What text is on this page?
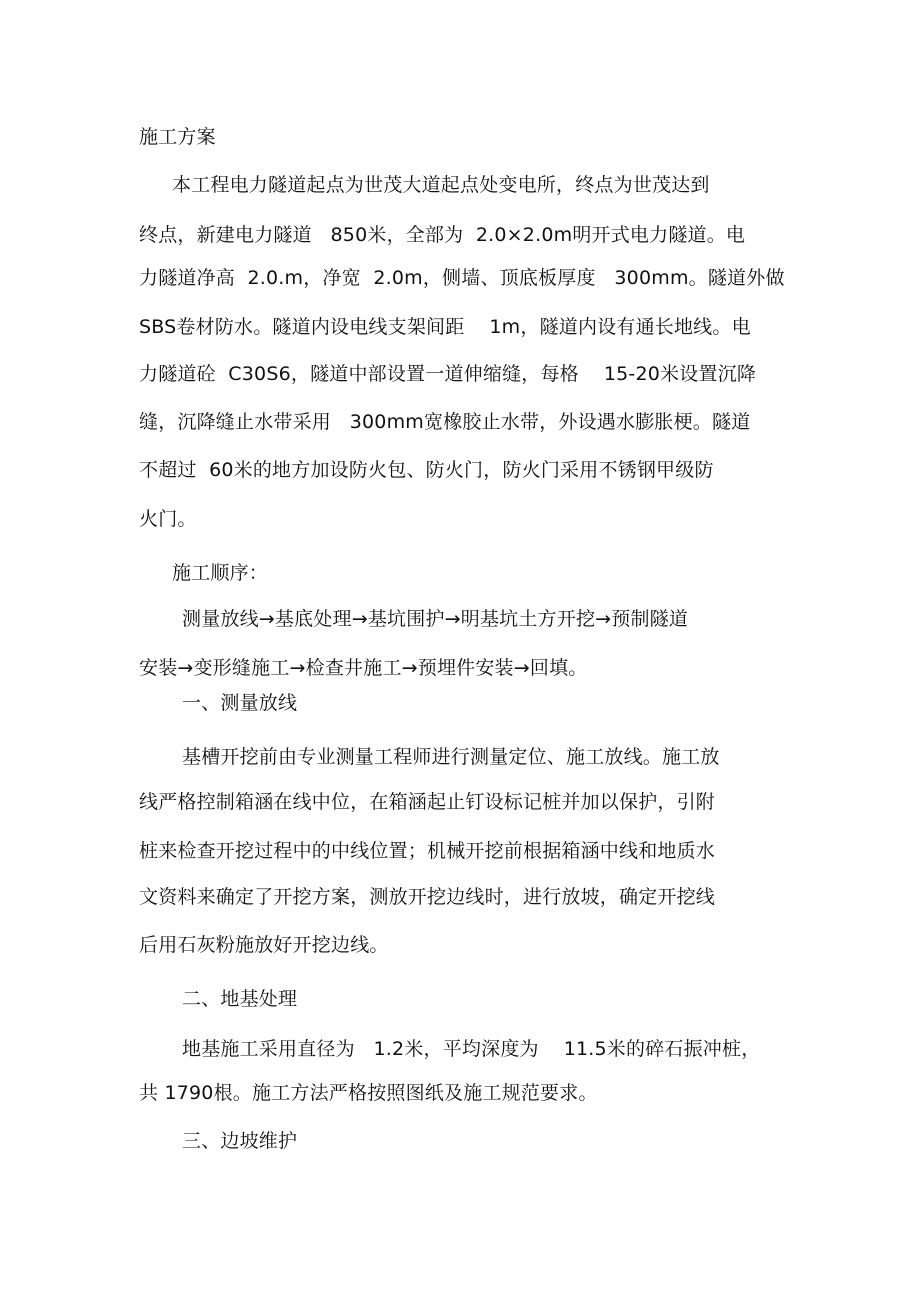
施工方案
本工程电力隧道起点为世茂大道起点处变电所，终点为世茂达到
终点，新建电力隧道   850米，全部为  2.0×2.0m明开式电力隧道。电
力隧道净高  2.0.m，净宽  2.0m，侧墙、顶底板厚度   300mm。隧道外做
SBS卷材防水。隧道内设电线支架间距    1m，隧道内设有通长地线。电
力隧道砼  C30S6，隧道中部设置一道伸缩缝，每格    15-20米设置沉降
缝，沉降缝止水带采用   300mm宽橡胶止水带，外设遇水膨胀梗。隧道
不超过  60米的地方加设防火包、防火门，防火门采用不锈钢甲级防
火门。
施工顺序：
测量放线→基底处理→基坑围护→明基坑土方开挖→预制隧道
安装→变形缝施工→检查井施工→预埋件安装→回填。
一、测量放线
基槽开挖前由专业测量工程师进行测量定位、施工放线。施工放
线严格控制箱涵在线中位，在箱涵起止钉设标记桩并加以保护，引附
桩来检查开挖过程中的中线位置；机械开挖前根据箱涵中线和地质水
文资料来确定了开挖方案，测放开挖边线时，进行放坡，确定开挖线
后用石灰粉施放好开挖边线。
二、地基处理
地基施工采用直径为   1.2米，平均深度为    11.5米的碎石振冲桩，
共 1790根。施工方法严格按照图纸及施工规范要求。
三、边坡维护
